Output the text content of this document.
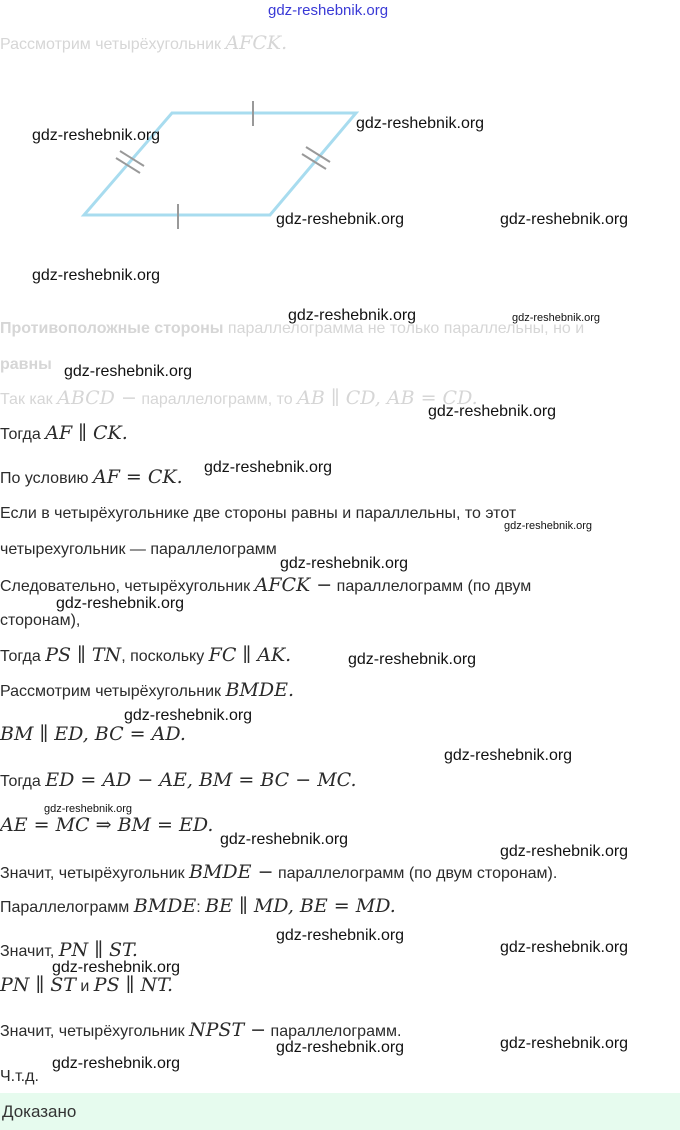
gdz-reshebnik.org
Рассмотрим четырёхугольник AFCK.
Противоположные стороны параллелограмма не только параллельны, но и
равны
Так как ABCD − параллелограмм, то AB ∥ CD, AB = CD.
Тогда AF ∥ CK.
По условию AF = CK.
Если в четырёхугольнике две стороны равны и параллельны, то этот
четырехугольник — параллелограмм
Следовательно, четырёхугольник AFCK − параллелограмм (по двум
сторонам),
Тогда PS ∥ TN, поскольку FC ∥ AK.
Рассмотрим четырёхугольник BMDE.
BM ∥ ED, BC = AD.
Тогда ED = AD − AE, BM = BC − MC.
AE = MC ⇒ BM = ED.
Значит, четырёхугольник BMDE − параллелограмм (по двум сторонам).
Параллелограмм BMDE: BE ∥ MD, BE = MD.
Значит, PN ∥ ST.
PN ∥ ST и PS ∥ NT.
Значит, четырёхугольник NPST − параллелограмм.
Ч.т.д.
Доказано
gdz-reshebnik.org
gdz-reshebnik.org
gdz-reshebnik.org	gdz-reshebnik.org
gdz-reshebnik.org
gdz-reshebnik.org	gdz-reshebnik.org
gdz-reshebnik.org
gdz-reshebnik.org
gdz-reshebnik.org
gdz-reshebnik.org
gdz-reshebnik.org
gdz-reshebnik.org
gdz-reshebnik.org
gdz-reshebnik.org
gdz-reshebnik.org
gdz-reshebnik.org
gdz-reshebnik.org
gdz-reshebnik.org
gdz-reshebnik.org
gdz-reshebnik.org
gdz-reshebnik.org
gdz-reshebnik.org	gdz-reshebnik.org
gdz-reshebnik.org
